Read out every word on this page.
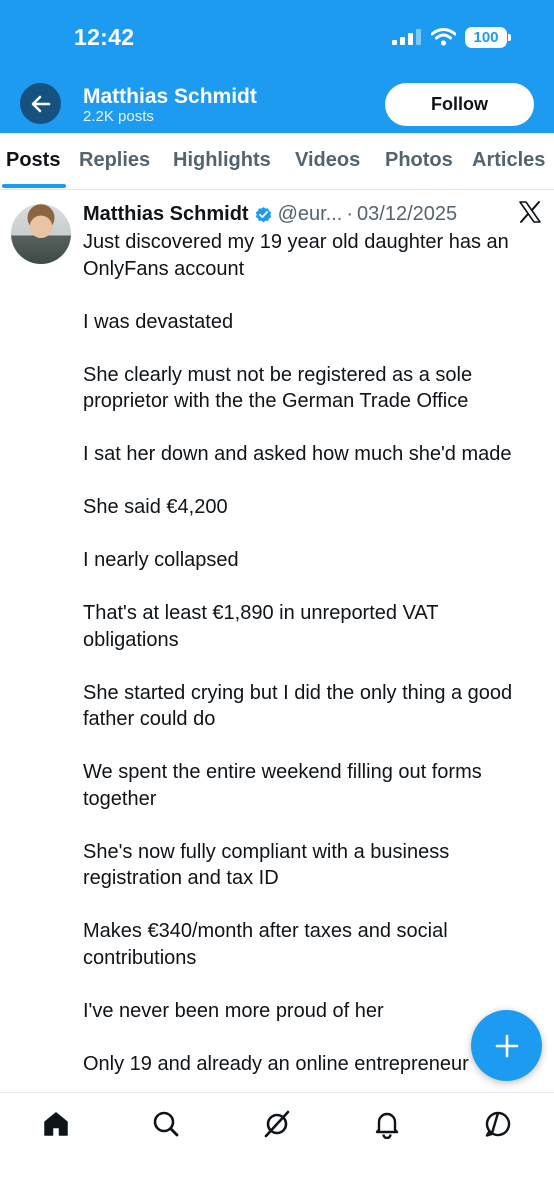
12:42	100
Matthias Schmidt
2.2K posts
Follow
Posts Replies Highlights Videos Photos Articles
Matthias Schmidt @eur... · 03/12/2025
Just discovered my 19 year old daughter has an
OnlyFans account
I was devastated
She clearly must not be registered as a sole
proprietor with the the German Trade Office
I sat her down and asked how much she'd made
She said €4,200
I nearly collapsed
That's at least €1,890 in unreported VAT
obligations
She started crying but I did the only thing a good
father could do
We spent the entire weekend filling out forms
together
She's now fully compliant with a business
registration and tax ID
Makes €340/month after taxes and social
contributions
I've never been more proud of her
Only 19 and already an online entrepreneur
